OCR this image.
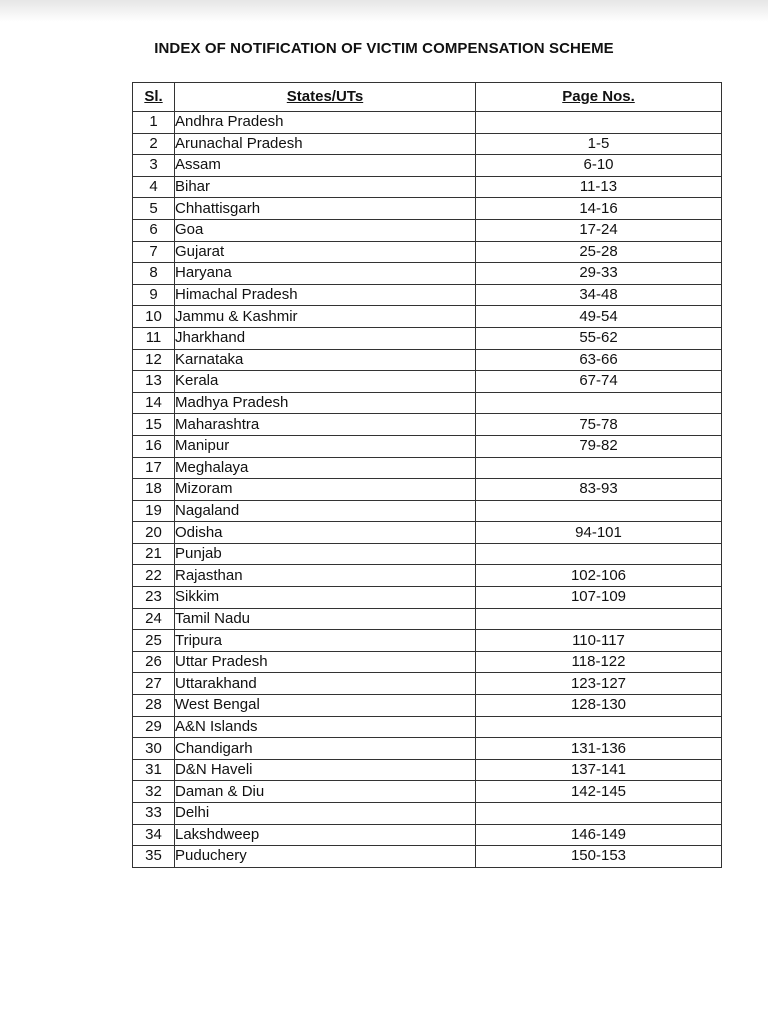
INDEX OF NOTIFICATION OF VICTIM COMPENSATION SCHEME
Sl.	States/UTs	Page Nos.
1	Andhra Pradesh	
2	Arunachal Pradesh	1-5
3	Assam	6-10
4	Bihar	11-13
5	Chhattisgarh	14-16
6	Goa	17-24
7	Gujarat	25-28
8	Haryana	29-33
9	Himachal Pradesh	34-48
10	Jammu & Kashmir	49-54
11	Jharkhand	55-62
12	Karnataka	63-66
13	Kerala	67-74
14	Madhya Pradesh	
15	Maharashtra	75-78
16	Manipur	79-82
17	Meghalaya	
18	Mizoram	83-93
19	Nagaland	
20	Odisha	94-101
21	Punjab	
22	Rajasthan	102-106
23	Sikkim	107-109
24	Tamil Nadu	
25	Tripura	110-117
26	Uttar Pradesh	118-122
27	Uttarakhand	123-127
28	West Bengal	128-130
29	A&N Islands	
30	Chandigarh	131-136
31	D&N Haveli	137-141
32	Daman & Diu	142-145
33	Delhi	
34	Lakshdweep	146-149
35	Puduchery	150-153
